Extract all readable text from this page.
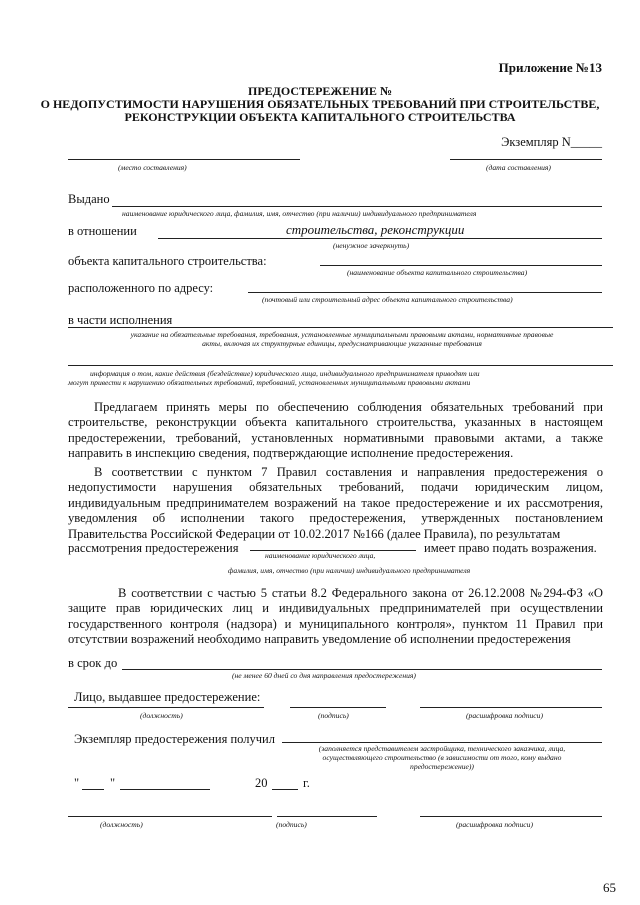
Приложение №13
ПРЕДОСТЕРЕЖЕНИЕ №
О НЕДОПУСТИМОСТИ НАРУШЕНИЯ ОБЯЗАТЕЛЬНЫХ ТРЕБОВАНИЙ ПРИ СТРОИТЕЛЬСТВЕ,
РЕКОНСТРУКЦИИ ОБЪЕКТА КАПИТАЛЬНОГО СТРОИТЕЛЬСТВА
Экземпляр N_____
(место составления)	(дата составления)
Выдано
наименование юридического лица, фамилия, имя, отчество (при наличии) индивидуального предпринимателя
в отношении	строительства, реконструкции
(ненужное зачеркнуть)
объекта капитального строительства:
(наименование объекта капитального строительства)
расположенного по адресу:
(почтовый или строительный адрес объекта капитального строительства)
в части исполнения
указание на обязательные требования, требования, установленные муниципальными правовыми актами, нормативные правовые
акты, включая их структурные единицы, предусматривающие указанные требования
информация о том, какие действия (бездействие) юридического лица, индивидуального предпринимателя приводят или
могут привести к нарушению обязательных требований, требований, установленных муниципальными правовыми актами
Предлагаем принять меры по обеспечению соблюдения обязательных требований при строительстве, реконструкции объекта капитального строительства, указанных в настоящем предостережении, требований, установленных нормативными правовыми актами, а также направить в инспекцию сведения, подтверждающие исполнение предостережения.
В соответствии с пунктом 7 Правил составления и направления предостережения о недопустимости нарушения обязательных требований, подачи юридическим лицом, индивидуальным предпринимателем возражений на такое предостережение и их рассмотрения, уведомления об исполнении такого предостережения, утвержденных постановлением Правительства Российской Федерации от 10.02.2017 №166 (далее Правила), по результатам
рассмотрения предостережения
наименование юридического лица,
имеет право подать возражения.
фамилия, имя, отчество (при наличии) индивидуального предпринимателя
В соответствии с частью 5 статьи 8.2 Федерального закона от 26.12.2008 №294-ФЗ «О защите прав юридических лиц и индивидуальных предпринимателей при осуществлении государственного контроля (надзора) и муниципального контроля», пунктом 11 Правил при отсутствии возражений необходимо направить уведомление об исполнении предостережения
в срок до
(не менее 60 дней со дня направления предостережения)
Лицо, выдавшее предостережение:
(должность)	(подпись)	(расшифровка подписи)
Экземпляр предостережения получил
(заполняется представителем застройщика, технического заказчика, лица,
осуществляющего строительство (в зависимости от того, кому выдано
предостережение))
" "	20	г.
(должность)	(подпись)	(расшифровка подписи)
65
